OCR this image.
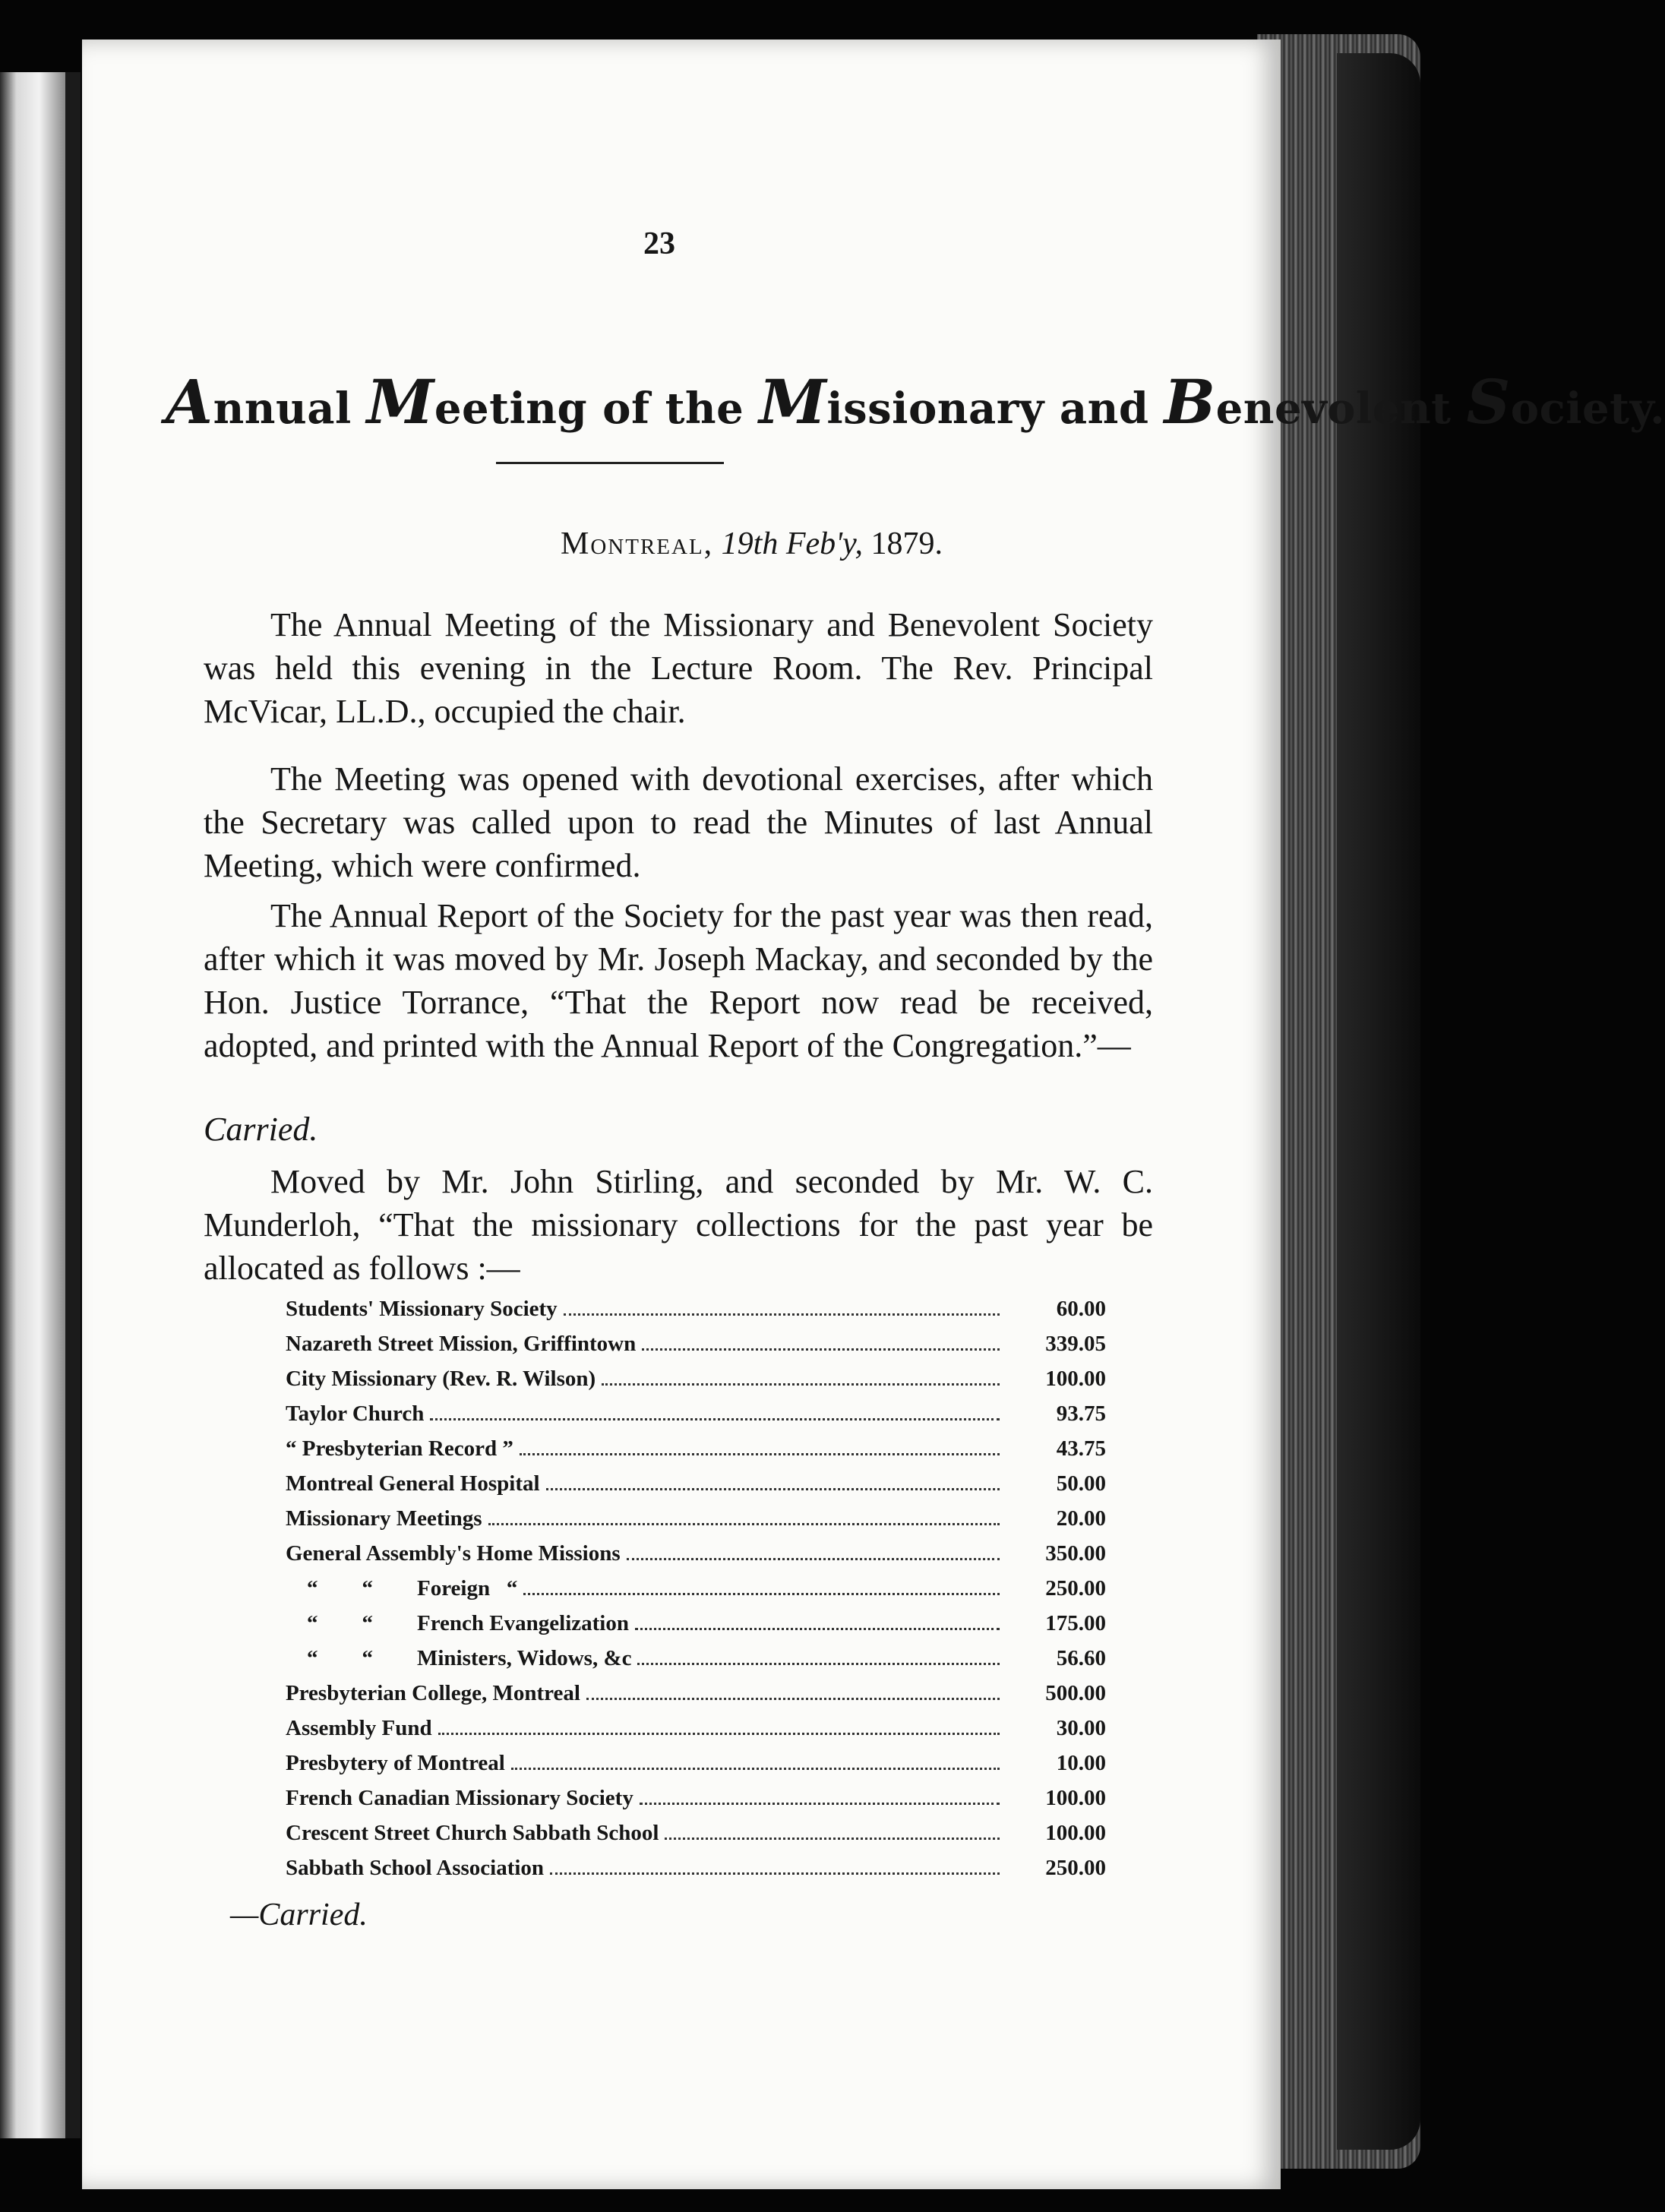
23
Annual Meeting of the Missionary and Benevolent Society.
Montreal, 19th Feb'y, 1879.

The Annual Meeting of the Missionary and Benevolent Society was held this evening in the Lecture Room. The Rev. Principal McVicar, LL.D., occupied the chair.

The Meeting was opened with devotional exercises, after which the Secretary was called upon to read the Minutes of last Annual Meeting, which were confirmed.

The Annual Report of the Society for the past year was then read, after which it was moved by Mr. Joseph Mackay, and seconded by the Hon. Justice Torrance, “That the Report now read be received, adopted, and printed with the Annual Report of the Congregation.”—

Carried.

Moved by Mr. John Stirling, and seconded by Mr. W. C. Munderloh, “That the missionary collections for the past year be allocated as follows :—

Students' Missionary Society	60.00
Nazareth Street Mission, Griffintown	339.05
City Missionary (Rev. R. Wilson)	100.00
Taylor Church	93.75
“ Presbyterian Record ”	43.75
Montreal General Hospital	50.00
Missionary Meetings	20.00
General Assembly's Home Missions	350.00
“        “        Foreign   “	250.00
“        “        French Evangelization	175.00
“        “        Ministers, Widows, &c	56.60
Presbyterian College, Montreal	500.00
Assembly Fund	30.00
Presbytery of Montreal	10.00
French Canadian Missionary Society	100.00
Crescent Street Church Sabbath School	100.00
Sabbath School Association	250.00
—Carried.
